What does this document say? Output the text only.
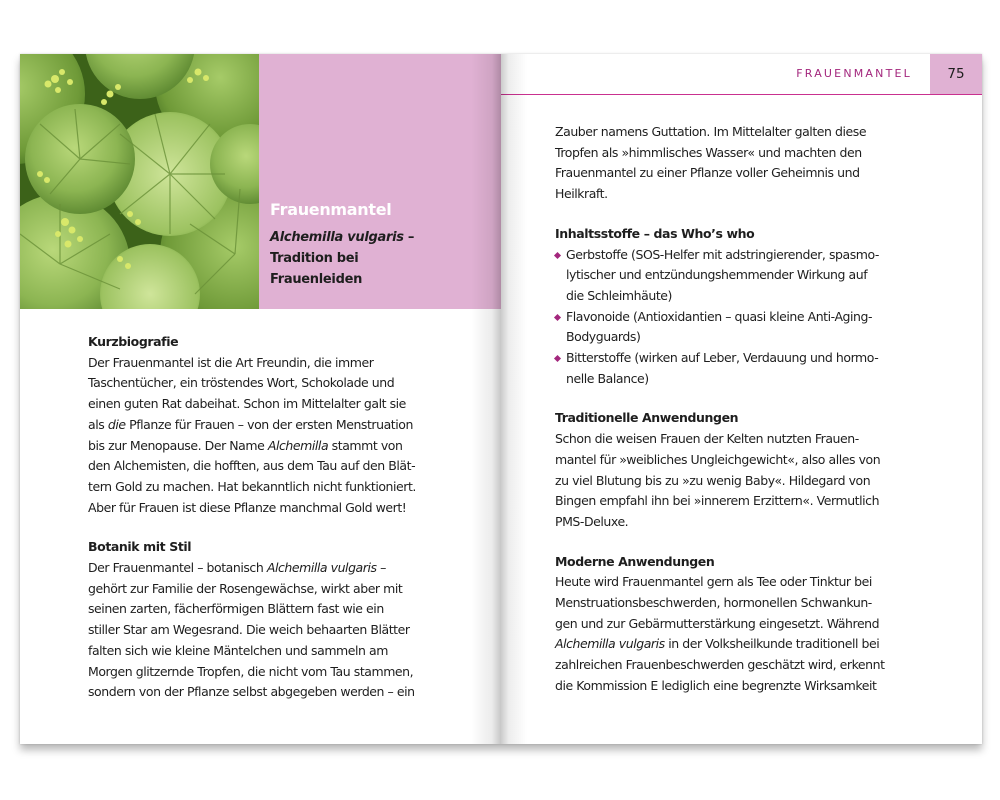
Frauenmantel
Alchemilla vulgaris –
Tradition bei
Frauenleiden
Kurzbiografie
Der Frauenmantel ist die Art Freundin, die immer
Taschentücher, ein tröstendes Wort, Schokolade und
einen guten Rat dabeihat. Schon im Mittelalter galt sie
als die Pflanze für Frauen – von der ersten Menstruation
bis zur Menopause. Der Name Alchemilla stammt von
den Alchemisten, die hofften, aus dem Tau auf den Blät-
tern Gold zu machen. Hat bekanntlich nicht funktioniert.
Aber für Frauen ist diese Pflanze manchmal Gold wert!
Botanik mit Stil
Der Frauenmantel – botanisch Alchemilla vulgaris –
gehört zur Familie der Rosengewächse, wirkt aber mit
seinen zarten, fächerförmigen Blättern fast wie ein
stiller Star am Wegesrand. Die weich behaarten Blätter
falten sich wie kleine Mäntelchen und sammeln am
Morgen glitzernde Tropfen, die nicht vom Tau stammen,
sondern von der Pflanze selbst abgegeben werden – ein
FRAUENMANTEL	75
Zauber namens Guttation. Im Mittelalter galten diese
Tropfen als »himmlisches Wasser« und machten den
Frauenmantel zu einer Pflanze voller Geheimnis und
Heilkraft.
Inhaltsstoffe – das Who’s who
Gerbstoffe (SOS-Helfer mit adstringierender, spasmo-
lytischer und entzündungshemmender Wirkung auf
die Schleimhäute)
Flavonoide (Antioxidantien – quasi kleine Anti-Aging-
Bodyguards)
Bitterstoffe (wirken auf Leber, Verdauung und hormo-
nelle Balance)
Traditionelle Anwendungen
Schon die weisen Frauen der Kelten nutzten Frauen-
mantel für »weibliches Ungleichgewicht«, also alles von
zu viel Blutung bis zu »zu wenig Baby«. Hildegard von
Bingen empfahl ihn bei »innerem Erzittern«. Vermutlich
PMS-Deluxe.
Moderne Anwendungen
Heute wird Frauenmantel gern als Tee oder Tinktur bei
Menstruationsbeschwerden, hormonellen Schwankun-
gen und zur Gebärmutterstärkung eingesetzt. Während
Alchemilla vulgaris in der Volksheilkunde traditionell bei
zahlreichen Frauenbeschwerden geschätzt wird, erkennt
die Kommission E lediglich eine begrenzte Wirksamkeit
